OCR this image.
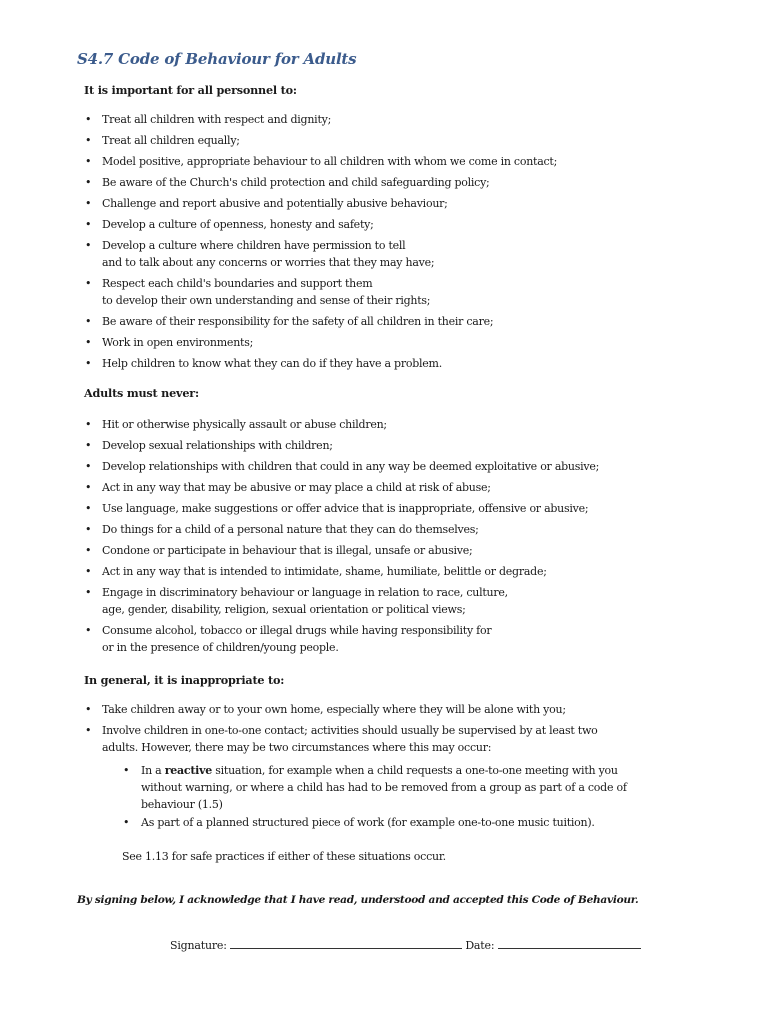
S4.7 Code of Behaviour for Adults
It is important for all personnel to:
• Treat all children with respect and dignity;
• Treat all children equally;
• Model positive, appropriate behaviour to all children with whom we come in contact;
• Be aware of the Church's child protection and child safeguarding policy;
• Challenge and report abusive and potentially abusive behaviour;
• Develop a culture of openness, honesty and safety;
• Develop a culture where children have permission to tell
and to talk about any concerns or worries that they may have;
• Respect each child's boundaries and support them
to develop their own understanding and sense of their rights;
• Be aware of their responsibility for the safety of all children in their care;
• Work in open environments;
• Help children to know what they can do if they have a problem.
Adults must never:
• Hit or otherwise physically assault or abuse children;
• Develop sexual relationships with children;
• Develop relationships with children that could in any way be deemed exploitative or abusive;
• Act in any way that may be abusive or may place a child at risk of abuse;
• Use language, make suggestions or offer advice that is inappropriate, offensive or abusive;
• Do things for a child of a personal nature that they can do themselves;
• Condone or participate in behaviour that is illegal, unsafe or abusive;
• Act in any way that is intended to intimidate, shame, humiliate, belittle or degrade;
• Engage in discriminatory behaviour or language in relation to race, culture,
age, gender, disability, religion, sexual orientation or political views;
• Consume alcohol, tobacco or illegal drugs while having responsibility for
or in the presence of children/young people.
In general, it is inappropriate to:
• Take children away or to your own home, especially where they will be alone with you;
• Involve children in one-to-one contact; activities should usually be supervised by at least two
adults. However, there may be two circumstances where this may occur:
• In a reactive situation, for example when a child requests a one-to-one meeting with you
without warning, or where a child has had to be removed from a group as part of a code of
behaviour (1.5)
• As part of a planned structured piece of work (for example one-to-one music tuition).
See 1.13 for safe practices if either of these situations occur.
By signing below, I acknowledge that I have read, understood and accepted this Code of Behaviour.
Signature:	Date:
